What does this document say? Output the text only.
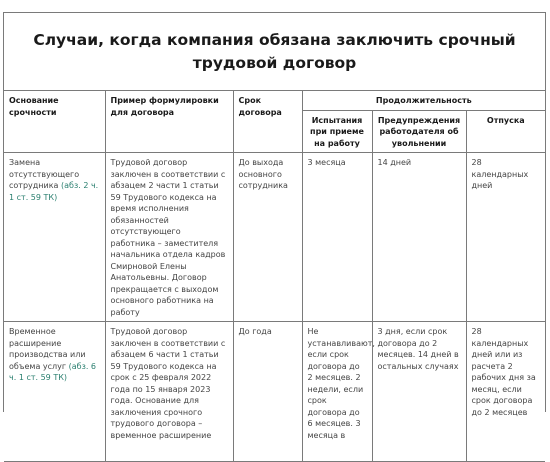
Случаи, когда компания обязана заключить срочный трудовой договор
Основание срочности	Пример формулировки для договора	Срок договора	Продолжительность		
			Испытания при приеме на работу	Предупреждения работодателя об увольнении	Отпуска
Замена отсутствующего сотрудника (абз. 2 ч. 1 ст. 59 ТК)	Трудовой договор заключен в соответствии с абзацем 2 части 1 статьи 59 Трудового кодекса на время исполнения обязанностей отсутствующего работника – заместителя начальника отдела кадров Смирновой Елены Анатольевны. Договор прекращается с выходом основного работника на работу	До выхода основного сотрудника	3 месяца	14 дней	28 календарных дней
Временное расширение производства или объема услуг (абз. 6 ч. 1 ст. 59 ТК)	Трудовой договор заключен в соответствии с абзацем 6 части 1 статьи 59 Трудового кодекса на срок с 25 февраля 2022 года по 15 января 2023 года. Основание для заключения срочного трудового договора – временное расширение	До года	Не устанавливают, если срок договора до 2 месяцев. 2 недели, если срок договора до 6 месяцев. 3 месяца в	3 дня, если срок договора до 2 месяцев. 14 дней в остальных случаях	28 календарных дней или из расчета 2 рабочих дня за месяц, если срок договора до 2 месяцев
